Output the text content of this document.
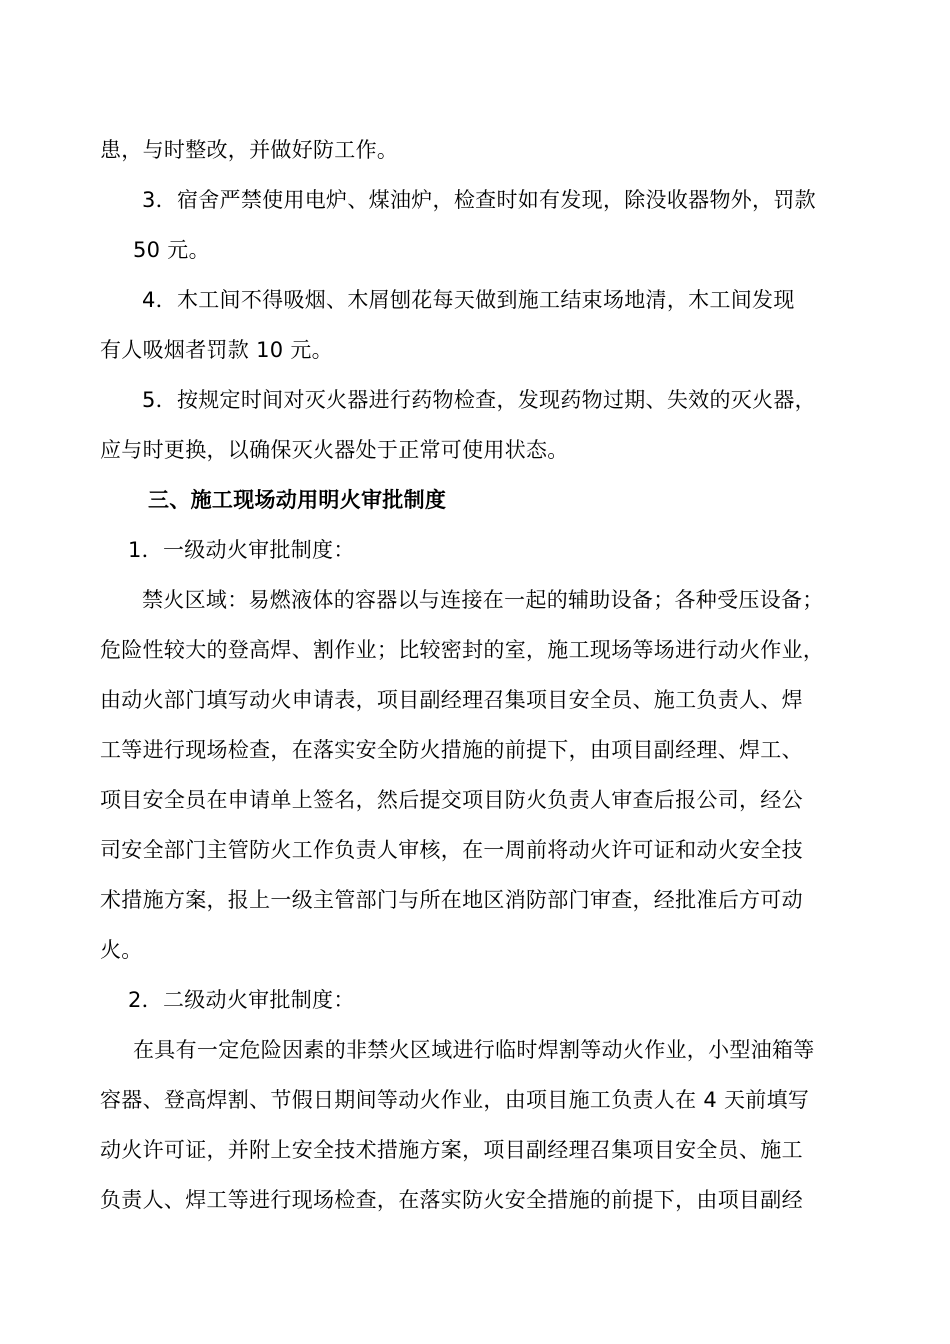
患，与时整改，并做好防工作。
3．宿舍严禁使用电炉、煤油炉，检查时如有发现，除没收器物外，罚款
50 元。
4．木工间不得吸烟、木屑刨花每天做到施工结束场地清，木工间发现
有人吸烟者罚款 10 元。
5．按规定时间对灭火器进行药物检查，发现药物过期、失效的灭火器，
应与时更换，以确保灭火器处于正常可使用状态。
三、施工现场动用明火审批制度
1．一级动火审批制度：
禁火区域：易燃液体的容器以与连接在一起的辅助设备；各种受压设备；
危险性较大的登高焊、割作业；比较密封的室，施工现场等场进行动火作业，
由动火部门填写动火申请表，项目副经理召集项目安全员、施工负责人、焊
工等进行现场检查，在落实安全防火措施的前提下，由项目副经理、焊工、
项目安全员在申请单上签名，然后提交项目防火负责人审查后报公司，经公
司安全部门主管防火工作负责人审核，在一周前将动火许可证和动火安全技
术措施方案，报上一级主管部门与所在地区消防部门审查，经批准后方可动
火。
2．二级动火审批制度：
在具有一定危险因素的非禁火区域进行临时焊割等动火作业，小型油箱等
容器、登高焊割、节假日期间等动火作业，由项目施工负责人在 4 天前填写
动火许可证，并附上安全技术措施方案，项目副经理召集项目安全员、施工
负责人、焊工等进行现场检查，在落实防火安全措施的前提下，由项目副经
